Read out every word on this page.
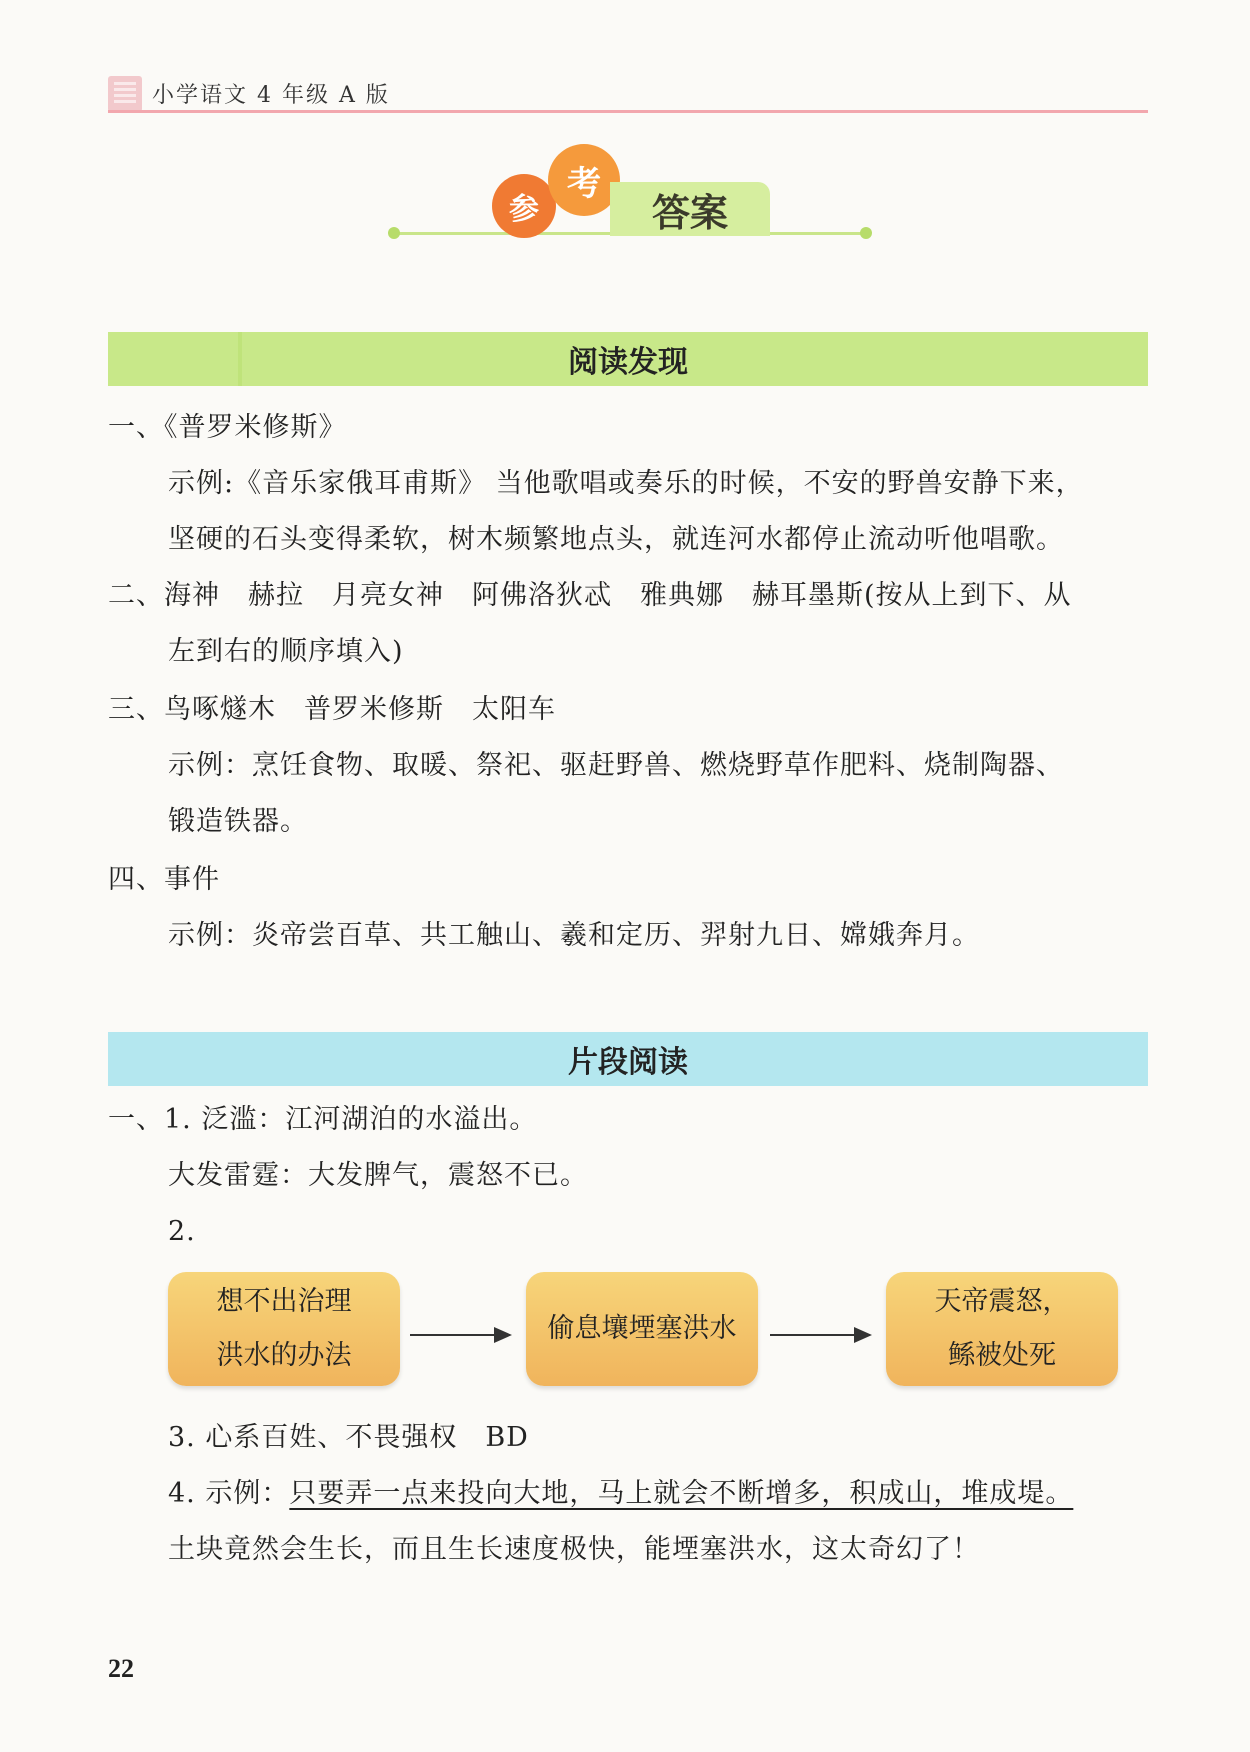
小学语文 4 年级 A 版
参
考
答案
阅读发现
一、《普罗米修斯》
示例:《音乐家俄耳甫斯》 当他歌唱或奏乐的时候，不安的野兽安静下来，
坚硬的石头变得柔软，树木频繁地点头，就连河水都停止流动听他唱歌。
二、海神　赫拉　月亮女神　阿佛洛狄忒　雅典娜　赫耳墨斯(按从上到下、从
左到右的顺序填入)
三、鸟啄燧木　普罗米修斯　太阳车
示例：烹饪食物、取暖、祭祀、驱赶野兽、燃烧野草作肥料、烧制陶器、
锻造铁器。
四、事件
示例：炎帝尝百草、共工触山、羲和定历、羿射九日、嫦娥奔月。
片段阅读
一、1. 泛滥：江河湖泊的水溢出。
大发雷霆：大发脾气，震怒不已。
2.
想不出治理
洪水的办法
偷息壤堙塞洪水
天帝震怒，
鲧被处死
3. 心系百姓、不畏强权　BD
4. 示例：只要弄一点来投向大地，马上就会不断增多，积成山，堆成堤。
土块竟然会生长，而且生长速度极快，能堙塞洪水，这太奇幻了！
22
